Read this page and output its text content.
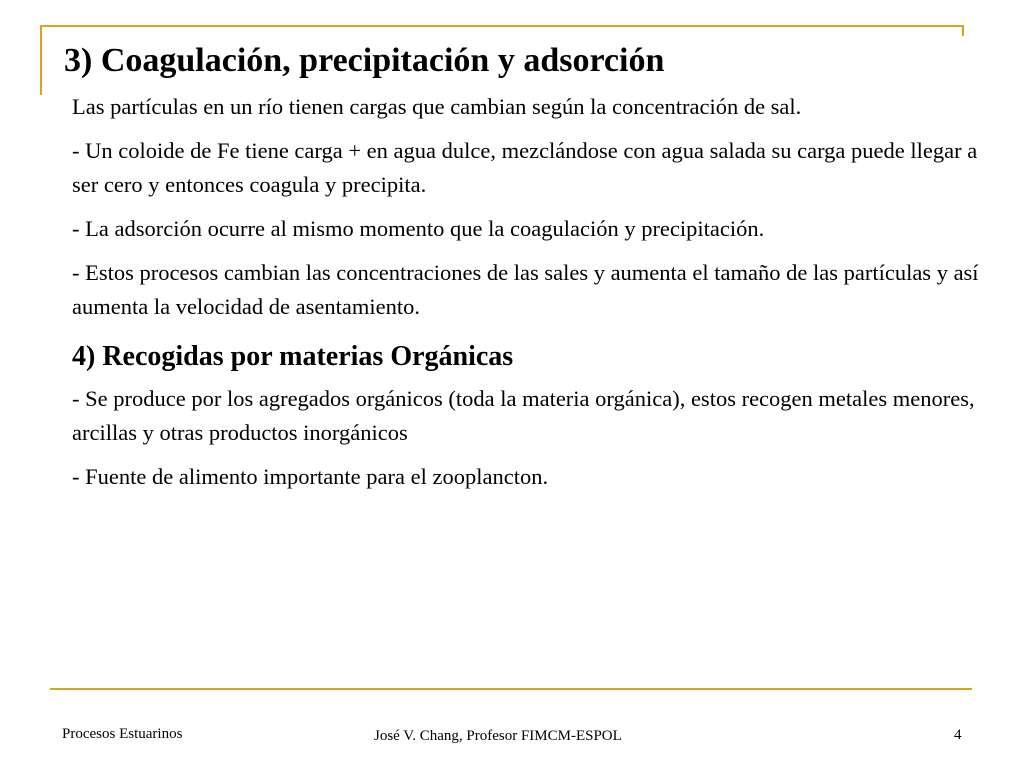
3) Coagulación, precipitación y adsorción

Las partículas en un río tienen cargas que cambian según la concentración de sal.

- Un coloide de Fe tiene carga + en agua dulce, mezclándose con agua salada su carga puede llegar a ser cero y entonces coagula y precipita.

- La adsorción ocurre al mismo momento que la coagulación y precipitación.

- Estos procesos cambian las concentraciones de las sales y aumenta el tamaño de las partículas y así aumenta la velocidad de asentamiento.

4) Recogidas por materias Orgánicas

- Se produce por los agregados orgánicos (toda la materia orgánica), estos recogen metales menores, arcillas y otras productos inorgánicos

- Fuente de alimento importante para el zooplancton.

Procesos Estuarinos	José V. Chang, Profesor FIMCM-ESPOL	4
